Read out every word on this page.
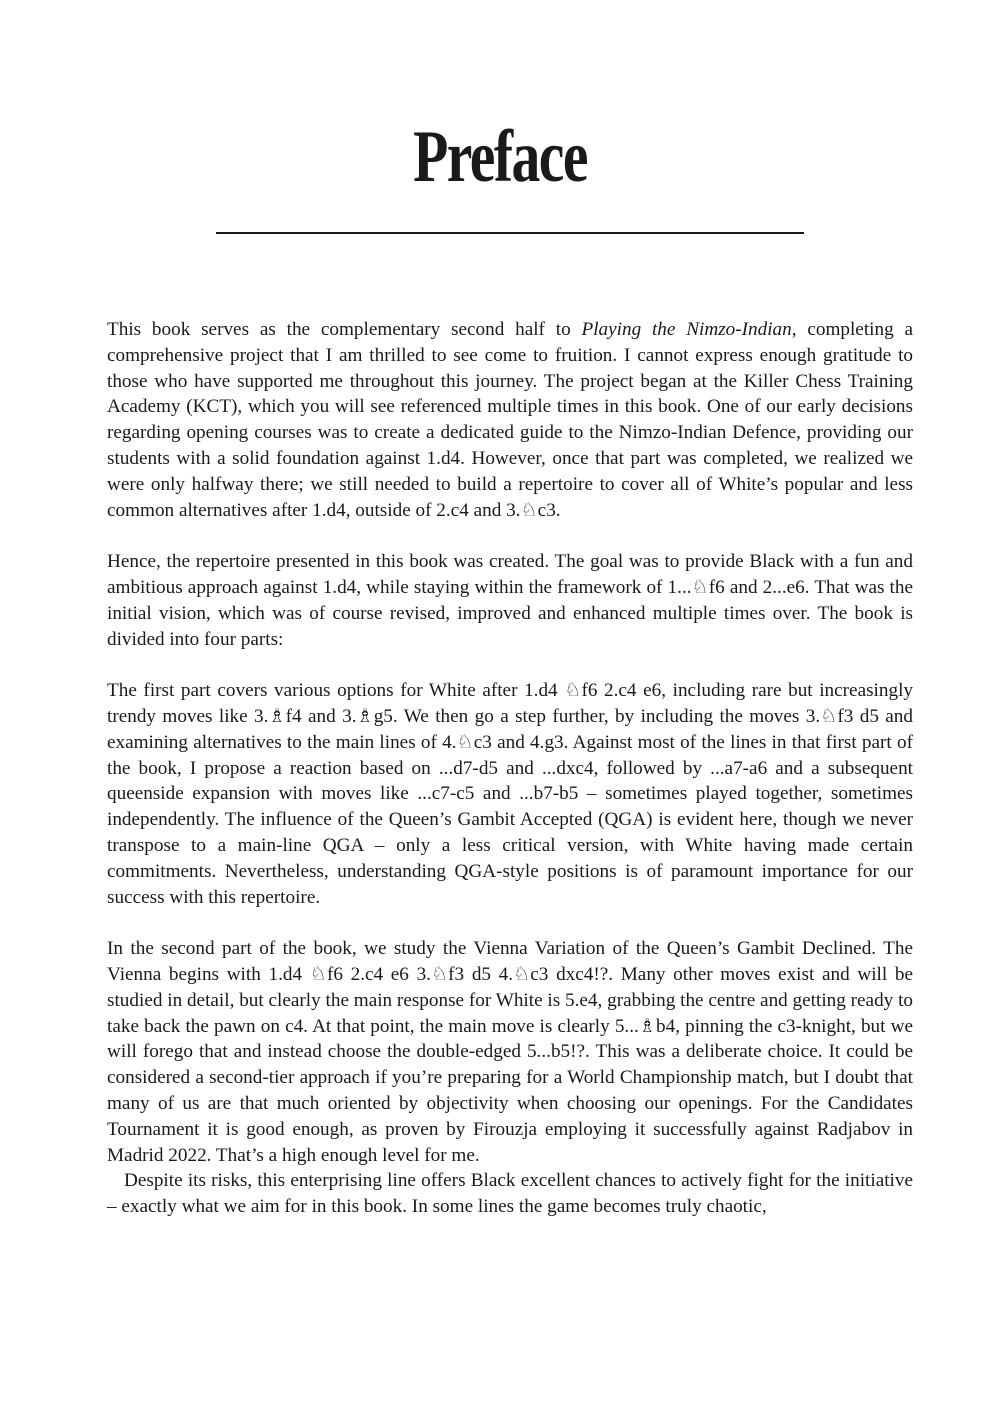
Preface

This book serves as the complementary second half to Playing the Nimzo-Indian, completing a comprehensive project that I am thrilled to see come to fruition. I cannot express enough gratitude to those who have supported me throughout this journey. The project began at the Killer Chess Training Academy (KCT), which you will see referenced multiple times in this book. One of our early decisions regarding opening courses was to create a dedicated guide to the Nimzo-Indian Defence, providing our students with a solid foundation against 1.d4. However, once that part was completed, we realized we were only halfway there; we still needed to build a repertoire to cover all of White’s popular and less common alternatives after 1.d4, outside of 2.c4 and 3.♘c3.

Hence, the repertoire presented in this book was created. The goal was to provide Black with a fun and ambitious approach against 1.d4, while staying within the framework of 1...♘f6 and 2...e6. That was the initial vision, which was of course revised, improved and enhanced multiple times over. The book is divided into four parts:

The first part covers various options for White after 1.d4 ♘f6 2.c4 e6, including rare but increasingly trendy moves like 3.♗f4 and 3.♗g5. We then go a step further, by including the moves 3.♘f3 d5 and examining alternatives to the main lines of 4.♘c3 and 4.g3. Against most of the lines in that first part of the book, I propose a reaction based on ...d7-d5 and ...dxc4, followed by ...a7-a6 and a subsequent queenside expansion with moves like ...c7-c5 and ...b7-b5 – sometimes played together, sometimes independently. The influence of the Queen’s Gambit Accepted (QGA) is evident here, though we never transpose to a main-line QGA – only a less critical version, with White having made certain commitments. Nevertheless, understanding QGA-style positions is of paramount importance for our success with this repertoire.

In the second part of the book, we study the Vienna Variation of the Queen’s Gambit Declined. The Vienna begins with 1.d4 ♘f6 2.c4 e6 3.♘f3 d5 4.♘c3 dxc4!?. Many other moves exist and will be studied in detail, but clearly the main response for White is 5.e4, grabbing the centre and getting ready to take back the pawn on c4. At that point, the main move is clearly 5...♗b4, pinning the c3-knight, but we will forego that and instead choose the double-edged 5...b5!?. This was a deliberate choice. It could be considered a second-tier approach if you’re preparing for a World Championship match, but I doubt that many of us are that much oriented by objectivity when choosing our openings. For the Candidates Tournament it is good enough, as proven by Firouzja employing it successfully against Radjabov in Madrid 2022. That’s a high enough level for me.

Despite its risks, this enterprising line offers Black excellent chances to actively fight for the initiative – exactly what we aim for in this book. In some lines the game becomes truly chaotic,
